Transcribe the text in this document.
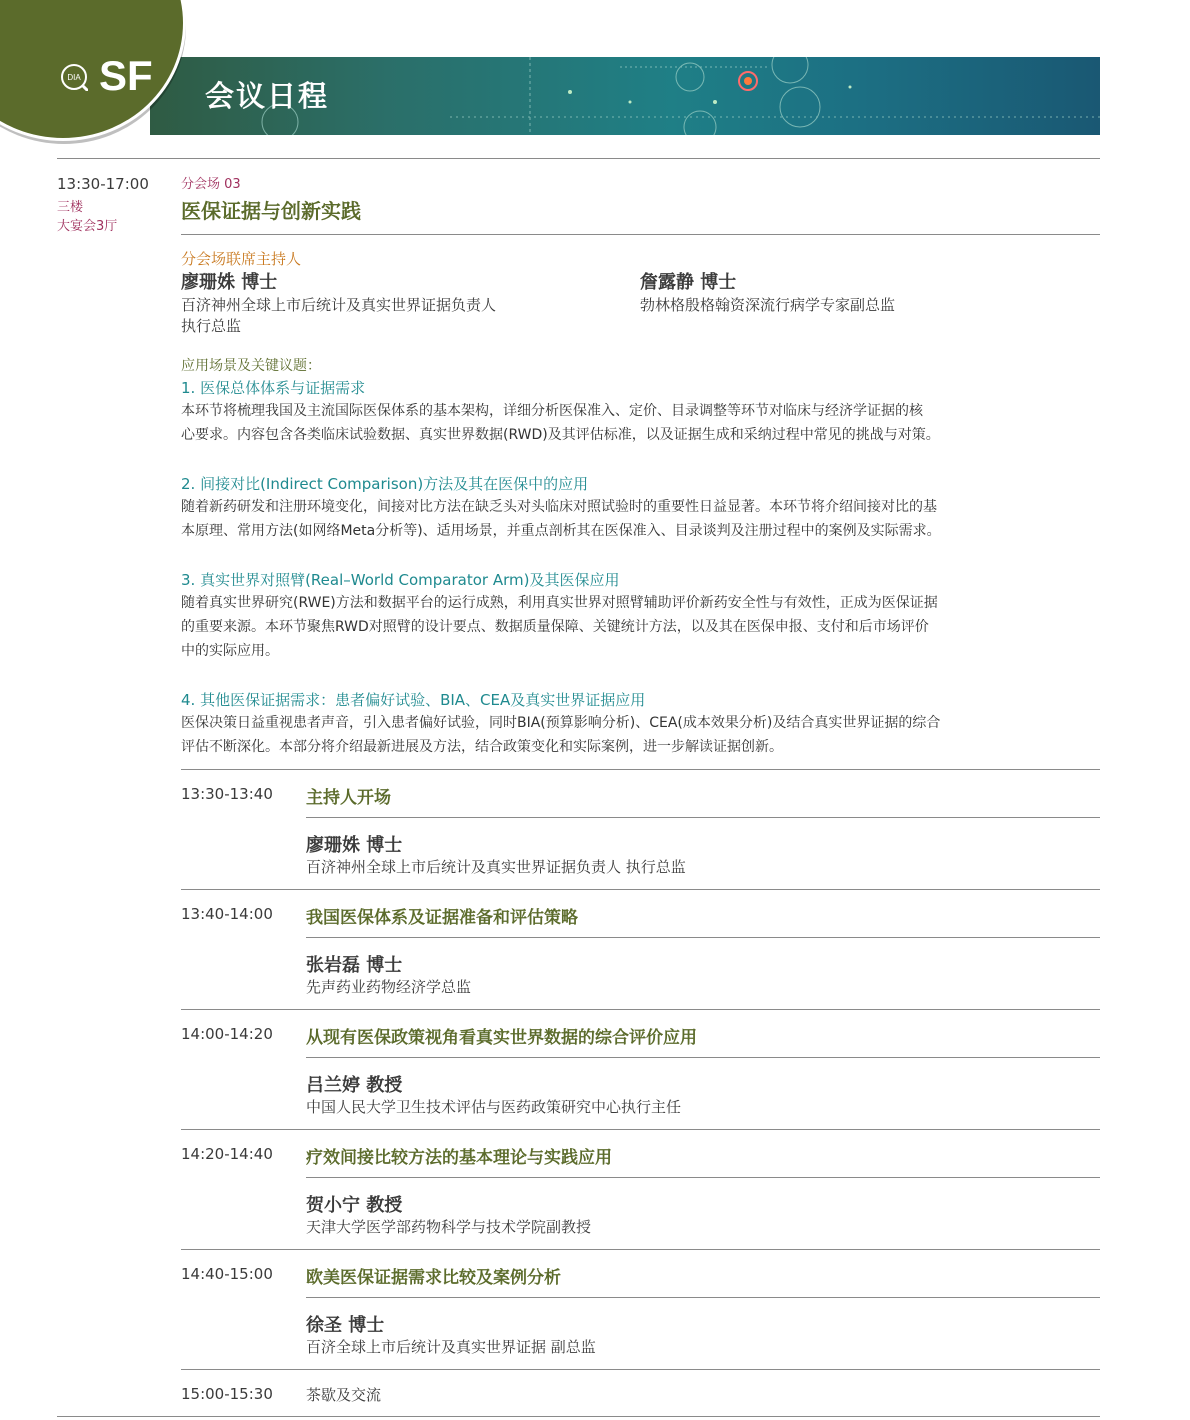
DIA SF 会议日程
13:30-17:00
三楼
大宴会3厅
分会场 03
医保证据与创新实践
分会场联席主持人
廖珊姝 博士
百济神州全球上市后统计及真实世界证据负责人
执行总监
詹露静 博士
勃林格殷格翰资深流行病学专家副总监
应用场景及关键议题：
1. 医保总体体系与证据需求
本环节将梳理我国及主流国际医保体系的基本架构，详细分析医保准入、定价、目录调整等环节对临床与经济学证据的核
心要求。内容包含各类临床试验数据、真实世界数据(RWD)及其评估标准，以及证据生成和采纳过程中常见的挑战与对策。
2. 间接对比(Indirect Comparison)方法及其在医保中的应用
随着新药研发和注册环境变化，间接对比方法在缺乏头对头临床对照试验时的重要性日益显著。本环节将介绍间接对比的基
本原理、常用方法(如网络Meta分析等)、适用场景，并重点剖析其在医保准入、目录谈判及注册过程中的案例及实际需求。
3. 真实世界对照臂(Real–World Comparator Arm)及其医保应用
随着真实世界研究(RWE)方法和数据平台的运行成熟，利用真实世界对照臂辅助评价新药安全性与有效性，正成为医保证据
的重要来源。本环节聚焦RWD对照臂的设计要点、数据质量保障、关键统计方法，以及其在医保申报、支付和后市场评价
中的实际应用。
4. 其他医保证据需求：患者偏好试验、BIA、CEA及真实世界证据应用
医保决策日益重视患者声音，引入患者偏好试验，同时BIA(预算影响分析)、CEA(成本效果分析)及结合真实世界证据的综合
评估不断深化。本部分将介绍最新进展及方法，结合政策变化和实际案例，进一步解读证据创新。
13:30-13:40 主持人开场
廖珊姝 博士
百济神州全球上市后统计及真实世界证据负责人 执行总监
13:40-14:00 我国医保体系及证据准备和评估策略
张岩磊 博士
先声药业药物经济学总监
14:00-14:20 从现有医保政策视角看真实世界数据的综合评价应用
吕兰婷 教授
中国人民大学卫生技术评估与医药政策研究中心执行主任
14:20-14:40 疗效间接比较方法的基本理论与实践应用
贺小宁 教授
天津大学医学部药物科学与技术学院副教授
14:40-15:00 欧美医保证据需求比较及案例分析
徐圣 博士
百济全球上市后统计及真实世界证据 副总监
15:00-15:30 茶歇及交流
